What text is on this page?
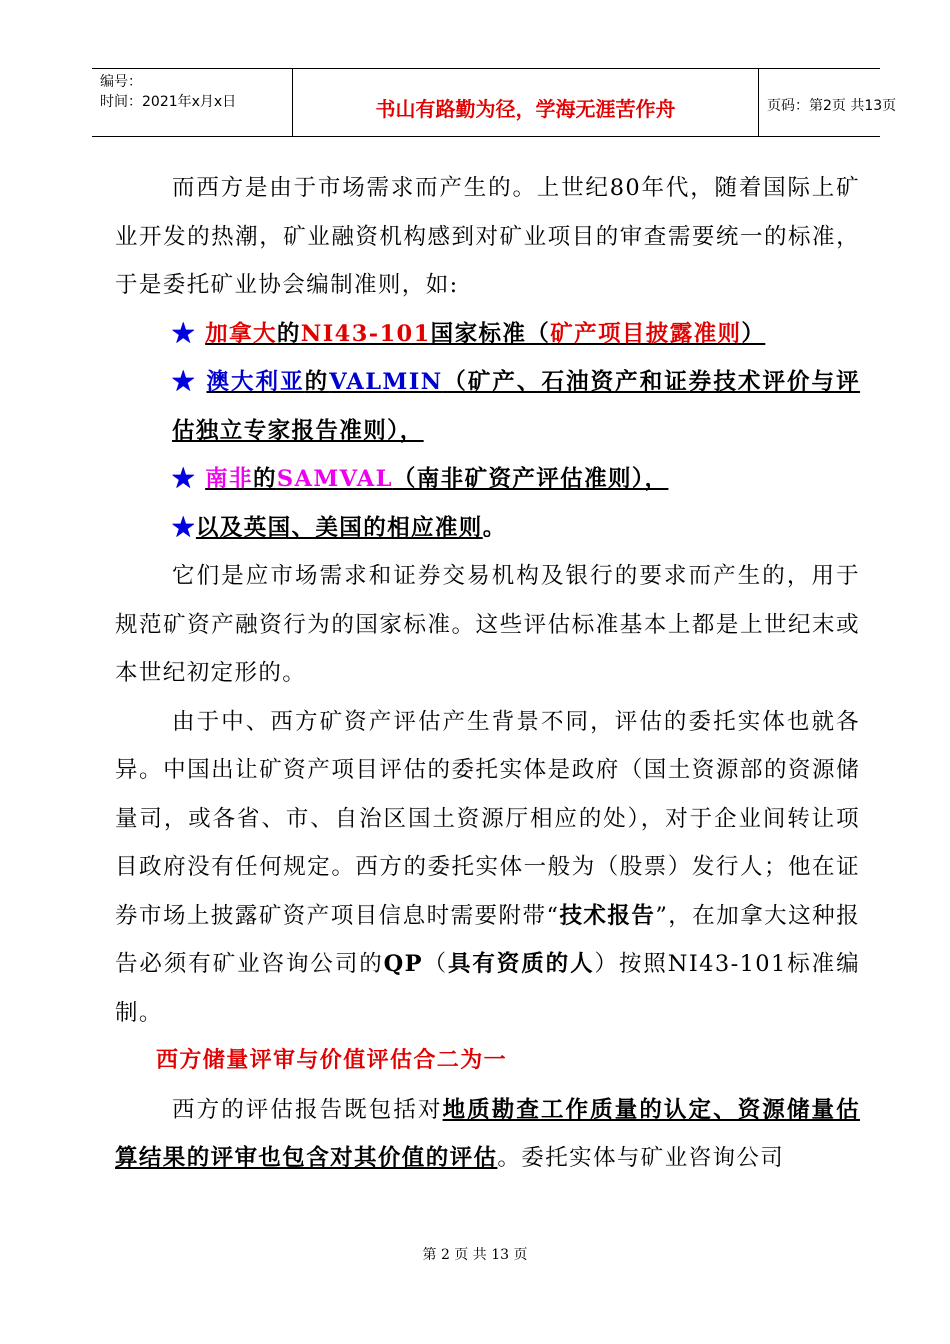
编号：
时间：2021年x月x日	书山有路勤为径，学海无涯苦作舟	页码：第2页 共13页

而西方是由于市场需求而产生的。上世纪80年代，随着国际上矿业开发的热潮，矿业融资机构感到对矿业项目的审查需要统一的标准，于是委托矿业协会编制准则，如:

★ 加拿大的NI43-101国家标准（矿产项目披露准则）

★ 澳大利亚的VALMIN（矿产、石油资产和证券技术评价与评估独立专家报告准则），

★ 南非的SAMVAL（南非矿资产评估准则），

★以及英国、美国的相应准则。

它们是应市场需求和证券交易机构及银行的要求而产生的，用于规范矿资产融资行为的国家标准。这些评估标准基本上都是上世纪末或本世纪初定形的。

由于中、西方矿资产评估产生背景不同，评估的委托实体也就各异。中国出让矿资产项目评估的委托实体是政府（国土资源部的资源储量司，或各省、市、自治区国土资源厅相应的处），对于企业间转让项目政府没有任何规定。西方的委托实体一般为（股票）发行人；他在证券市场上披露矿资产项目信息时需要附带“技术报告”，在加拿大这种报告必须有矿业咨询公司的QP（具有资质的人）按照NI43-101标准编制。

西方储量评审与价值评估合二为一

西方的评估报告既包括对地质勘查工作质量的认定、资源储量估算结果的评审也包含对其价值的评估。委托实体与矿业咨询公司

第 2 页 共 13 页
